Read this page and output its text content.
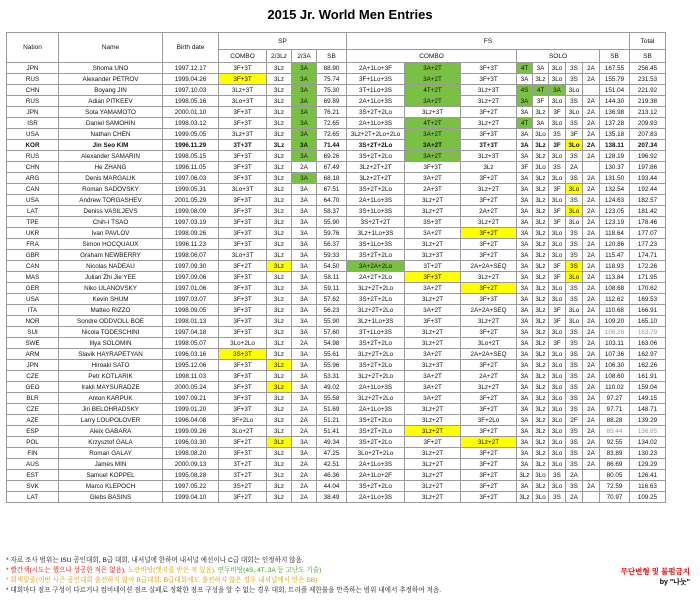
2015 Jr. World Men Entries
Nation	Name	Birth date	SP				FS									Total
			COMBO	2/3Lz	2/3A	SB	COMBO			SOLO					SB	SB
JPN	Shoma UNO	1997.12.17	3F+3T	3Lz	3A	88.90	2A+1Lo+3F	3A+2T	3F+3T	4T	3A	3Lo	3S	2A	167.55	256.45
RUS	Alexander PETROV	1999.04.26	3F+3T	3Lz	3A	75.74	3F+1Lo+3S	3A+2T	3F+3T	3A	3Lz	3Lo	3S	2A	155.79	231.53
CHN	Boyang JIN	1997.10.03	3Lz+3T	3Lz	3A	75.30	3T+1Lo+3S	4T+2T	3Lz+3T	4S	4T	3A	3Lo		151.04	221.92
RUS	Adian PITKEEV	1998.05.16	3Lo+3T	3Lz	3A	69.89	2A+1Lo+3S	3A+2T	3Lz+2T	3A	3F	3Lo	3S	2A	144.30	219.38
JPN	Sota YAMAMOTO	2000.01.10	3F+3T	3Lz	3A	76.21	3S+2T+2Lo	3Lz+3T	3F+2T	3A	3Lz	3F	3Lo	2A	136.98	213.12
ISR	Daniel SAMOHIN	1998.03.12	3F+3T	3Lz	3A	72.65	2A+1Lo+3S	4T+2T	3Lz+2T	4T	3A	3Lo	3S	2A	137.28	209.93
USA	Nathan CHEN	1999.05.05	3Lz+3T	3Lz	3A	72.65	3Lz+2T+2Lo+2Lo	3A+2T	3F+3T	3A	3Lo	3S	3F	2A	135.18	207.83
KOR	Jin Seo KIM	1996.11.29	3T+3T	3Lz	3A	71.44	3S+2T+2Lo	3A+2T	3T+3T	3A	3Lz	3F	3Lo	2A	138.11	207.34
RUS	Alexander SAMARIN	1998.05.15	3F+3T	3Lz	3A	69.26	3S+2T+2Lo	3A+2T	3Lz+3T	3A	3Lz	3Lo	3S	2A	128.19	196.92
CHN	He ZHANG	1996.11.05	3F+3T	3Lz	2A	67.49	3Lz+2T+2T	3F+3T	3Lz	3F	3Lo	3S	2A		130.37	197.86
ARG	Denis MARGALIK	1997.06.03	3F+3T	3Lz	3A	68.18	3Lz+2T+2T	3A+2T	3F+2T	3A	3Lz	3Lo	3S	2A	131.50	193.44
CAN	Roman SADOVSKY	1999.05.31	3Lo+3T	3Lz	3A	67.51	3S+2T+2Lo	2A+3T	3Lz+2T	3A	3Lz	3F	3Lo	2A	132.54	192.44
USA	Andrew TORGASHEV	2001.05.29	3F+3T	3Lz	3A	64.70	2A+1Lo+3S	3Lz+2T	3F+2T	3A	3Lz	3Lo	3S	2A	124.63	182.57
LAT	Deniss VASILJEVS	1999.08.09	3F+3T	3Lz	3A	58.37	3S+1Lo+3S	3Lz+2T	2A+2T	3A	3Lz	3F	3Lo	2A	123.05	181.42
TPE	Chih-I TSAO	1997.03.19	3F+3T	3Lz	3A	55.90	3S+2T+2T	3S+3T	3Lz+2T	3A	3Lz	3F	3Lo	2A	123.19	178.46
UKR	Ivan PAVLOV	1998.09.26	3F+3T	3Lz	3A	59.76	3Lz+1Lo+3S	3A+2T	3F+2T	3A	3Lz	3Lo	3S	2A	118.64	177.07
FRA	Simon HOCQUAUX	1996.11.23	3F+3T	3Lz	3A	56.37	3S+1Lo+3S	3Lz+2T	3F+2T	3A	3Lz	3Lo	3S	2A	120.86	177.23
GBR	Graham NEWBERRY	1998.06.07	3Lo+3T	3Lz	3A	59.33	3S+2T+2Lo	3Lz+3T	3F+2T	3A	3Lz	3Lo	3S	2A	115.47	174.71
CAN	Nicolas NADEAU	1997.09.30	3F+2T	3Lz	3A	54.50	3A+2A+2Lo	3T+2T	2A+2A+SEQ	3A	3Lz	3F	3S	2A	118.93	172.26
MAS	Julian Zhi Jie YEE	1997.09.06	3F+3T	3Lz	3A	58.11	2A+2T+2Lo	3F+3T	3Lz+2T	3A	3Lz	3F	3Lo	2A	113.84	171.95
GER	Niko ULANOVSKY	1997.01.06	3F+3T	3Lz	3A	59.11	3Lz+2T+2Lo	3A+2T	3F+2T	3A	3Lz	3Lo	3S	2A	108.68	170.62
USA	Kevin SHUM	1997.03.07	3F+3T	3Lz	3A	57.62	3S+2T+2Lo	3Lz+2T	3F+3T	3A	3Lz	3Lo	3S	2A	112.62	169.53
ITA	Matteo RIZZO	1998.09.05	3F+3T	3Lz	3A	56.23	3Lz+2T+2Lo	3A+2T	2A+2A+SEQ	3A	3Lz	3F	3Lo	2A	110.68	166.91
NOR	Sondre ODDVOLL BOE	1998.01.13	3F+3T	3Lz	3A	55.90	3Lz+1Lo+3S	3F+3T	3Lz+2T	3A	3Lz	3F	3Lo	2A	109.20	165.10
SUI	Nicola TODESCHINI	1997.04.18	3F+3T	3Lz	3A	57.60	3T+1Lo+3S	3Lz+2T	3F+2T	3A	3Lz	3Lo	3S	2A	106.28	163.79
SWE	Illya SOLOMIN	1998.05.07	3Lo+2Lo	3Lz	2A	54.98	3S+2T+2Lo	3Lz+2T	3Lo+2T	3A	3Lz	3F	3S	2A	103.11	163.06
ARM	Slavik HAYRAPETYAN	1996.03.16	3S+3T	3Lz	3A	55.61	3Lz+2T+2Lo	3A+2T	2A+2A+SEQ	3A	3Lz	3Lo	3S	2A	107.36	162.97
JPN	Hiroaki SATO	1995.12.06	3F+3T	3Lz	3A	55.96	3S+2T+2Lo	3Lz+3T	3F+2T	3A	3Lz	3Lo	3S	2A	106.30	162.26
CZE	Petr KOTLARIK	1998.11.03	3F+3T	3Lz	3A	53.31	3Lz+2T+2Lo	3A+2T	2A+2T	3A	3Lz	3Lo	3S	2A	108.60	161.91
GEO	Irakli MAYSURADZE	2000.05.24	3F+3T	3Lz	3A	49.02	2A+1Lo+3S	3A+2T	3Lz+2T	3A	3Lz	3Lo	3S	2A	110.02	159.04
BLR	Anton KARPUK	1997.09.21	3F+3T	3Lz	3A	55.58	3Lz+2T+2Lo	3A+2T	3F+2T	3A	3Lz	3Lo	3S	2A	97.27	149.15
CZE	Jiri BELOHRADSKY	1999.01.20	3F+3T	3Lz	2A	51.69	2A+1Lo+3S	3Lz+2T	3F+2T	3A	3Lz	3Lo	3S	2A	97.71	148.71
AZE	Larry LOUPOLOVER	1996.04.08	3F+2Lo	3Lz	2A	51.21	3S+2T+2Lo	3Lz+2T	3F+2Lo	3A	3Lz	3Lo	2F	2A	88.28	139.29
ESP	Aleix GABARA	1999.09.26	3Lo+2T	3Lz	2A	51.41	3S+2T+2Lo	3Lz+2T	3F+2T	3A	3Lz	3Lo	3S	2A	85.44	136.85
POL	Krzysztof GALA	1996.03.30	3F+2T	3Lz	3A	49.34	3S+2T+2Lo	3F+2T	3Lz+2T	3A	3Lz	3Lo	3S	2A	92.55	134.02
FIN	Roman GALAY	1998.08.20	3F+3T	3Lz	3A	47.25	3Lo+2T+2Lo	3Lz+2T	3F+2T	3A	3Lz	3Lo	3S	2A	83.89	130.23
AUS	James MIN	2000.09.13	3T+2T	3Lz	2A	42.51	2A+1Lo+3S	3Lz+2T	3F+2T	3A	3Lz	3Lo	3S	2A	86.69	129.29
EST	Samuel KOPPEL	1995.08.28	3T+2T	3Lz	2A	46.36	2A+1Lo+2F	3Lz+2T	3F+2T	3Lz	3Lo	3S	2A		80.05	126.41
SVK	Marco KLEPOCH	1997.05.22	3S+2T	3Lz	2A	44.04	3S+2T+2Lo	3Lz+2T	3F+2T	3A	3Lz	3Lo	3S	2A	72.59	116.63
LAT	Glebs BASINS	1999.04.10	3F+2T	3Lz	2A	38.49	2A+1Lo+3S	3Lz+2T	3F+2T	3Lz	3Lo	3S	2A		70.97	109.25
* 자료 조사 범위는 ISU 공인대회, B급 대회, 내셔널에 한하며 내셔널 예선이나 C급 대회는 인정하지 않음.
* 빨간색(시도는 했으나 성공한 적은 없음), 노란바탕(엣지를 받은 적 있음), 연두바탕(4S, 4T, 3A 등 고난도 기술)
* 회색밑줄(이번 시즌 공인대회 출전하지 않아 B급대회, B급대회에도 출전하지 않은 경우 내셔널에서 얻은 SB)
* 대회마다 점프 구성이 다르거나 컴비네이션 점프 실패로 정확한 점프 구성을 알 수 없는 경우 대회, 트리플 제한룰을 만족하는 범위 내에서 추정하여 적음.
무단변형 및 불펌금지
by "나눗"
